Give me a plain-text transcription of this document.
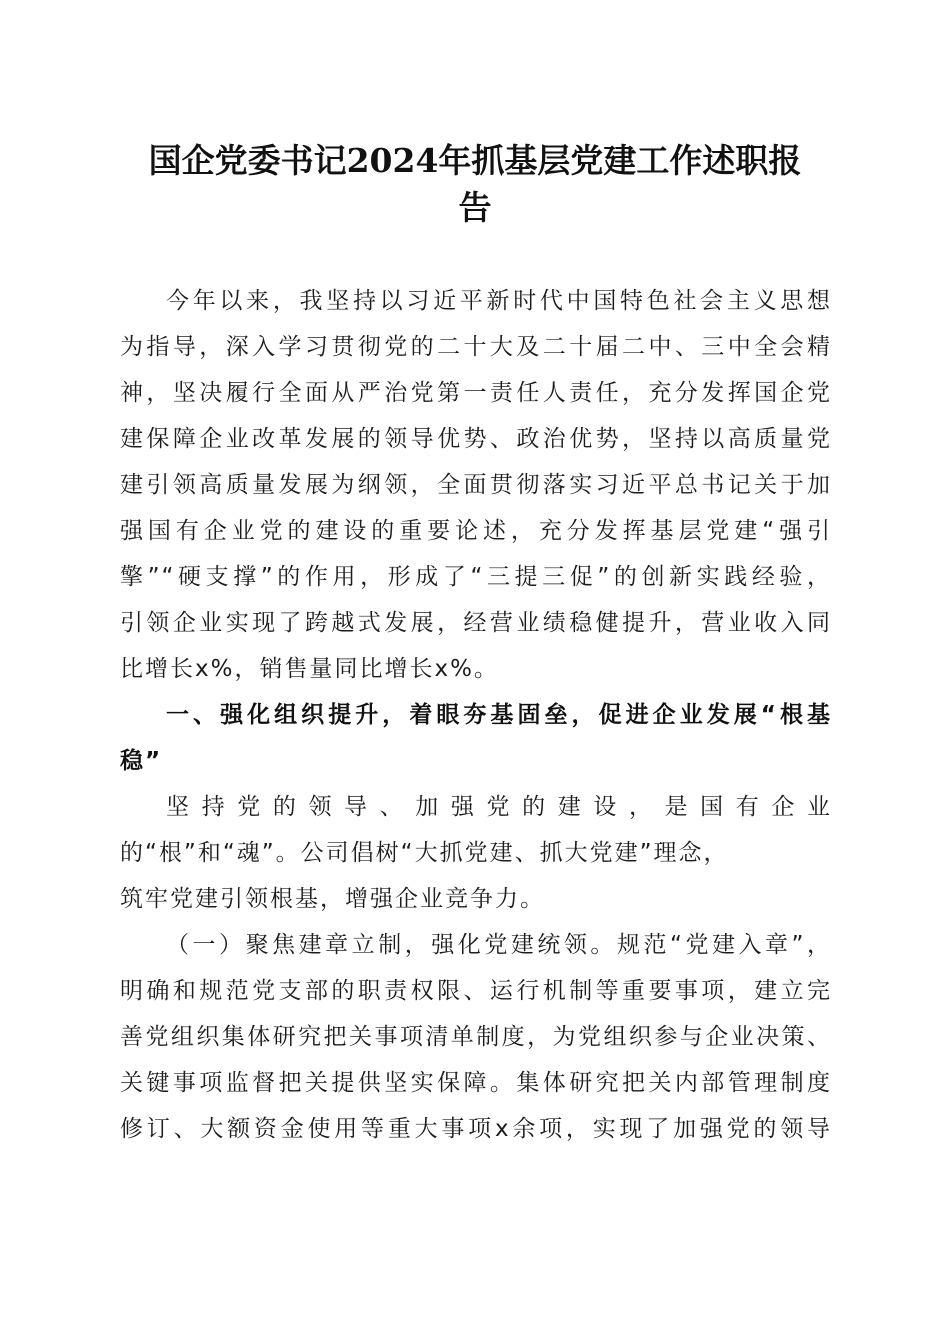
国企党委书记2024年抓基层党建工作述职报
告
今年以来，我坚持以习近平新时代中国特色社会主义思想
为指导，深入学习贯彻党的二十大及二十届二中、三中全会精
神，坚决履行全面从严治党第一责任人责任，充分发挥国企党
建保障企业改革发展的领导优势、政治优势，坚持以高质量党
建引领高质量发展为纲领，全面贯彻落实习近平总书记关于加
强国有企业党的建设的重要论述，充分发挥基层党建“强引
擎”“硬支撑”的作用，形成了“三提三促”的创新实践经验，
引领企业实现了跨越式发展，经营业绩稳健提升，营业收入同
比增长x%，销售量同比增长x%。
一、强化组织提升，着眼夯基固垒，促进企业发展“根基
稳”
坚持党的领导、加强党的建设，是国有企业
的“根”和“魂”。公司倡树“大抓党建、抓大党建”理念，
筑牢党建引领根基，增强企业竞争力。
（一）聚焦建章立制，强化党建统领。规范“党建入章”，
明确和规范党支部的职责权限、运行机制等重要事项，建立完
善党组织集体研究把关事项清单制度，为党组织参与企业决策、
关键事项监督把关提供坚实保障。集体研究把关内部管理制度
修订、大额资金使用等重大事项x余项，实现了加强党的领导
